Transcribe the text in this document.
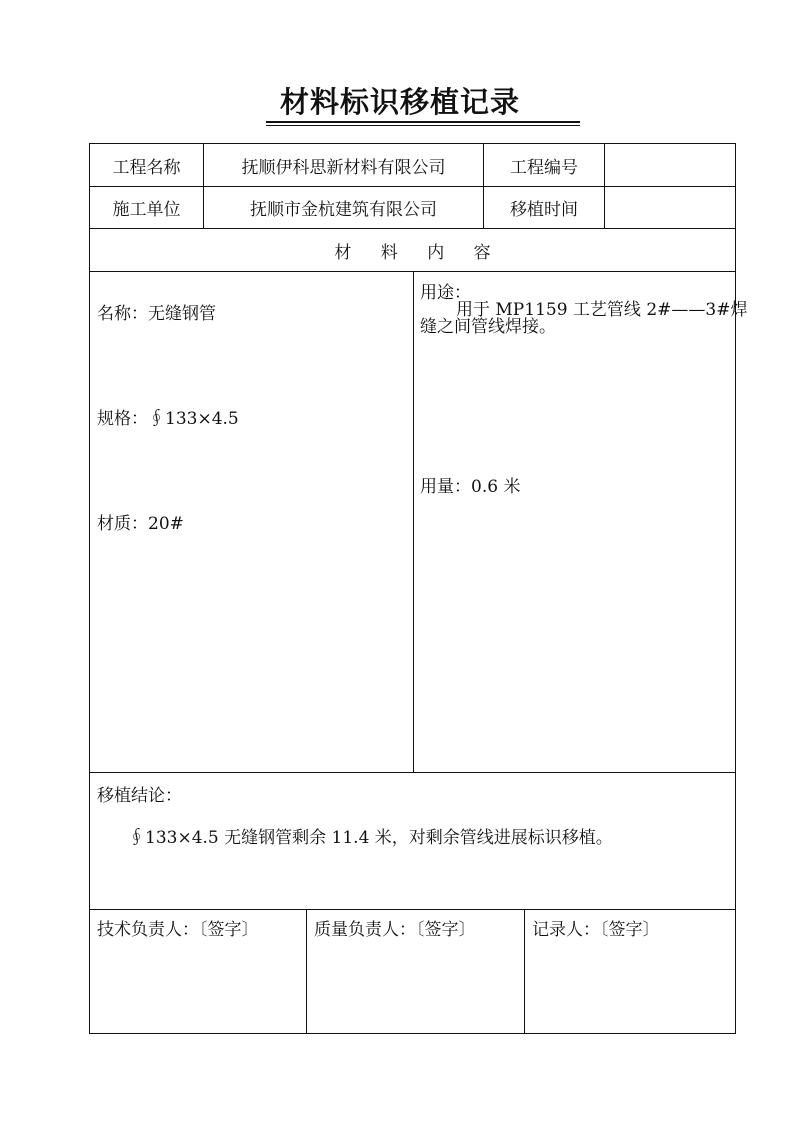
材料标识移植记录
工程名称	抚顺伊科思新材料有限公司	工程编号
施工单位	抚顺市金杭建筑有限公司	移植时间
材 料 内 容
名称：无缝钢管
规格：∮133×4.5
材质：20#
用途：
用于 MP1159 工艺管线 2#——3#焊
缝之间管线焊接。
用量：0.6 米
移植结论：
∮133×4.5 无缝钢管剩余 11.4 米，对剩余管线进展标识移植。
技术负责人：〔签字〕	质量负责人：〔签字〕	记录人：〔签字〕
